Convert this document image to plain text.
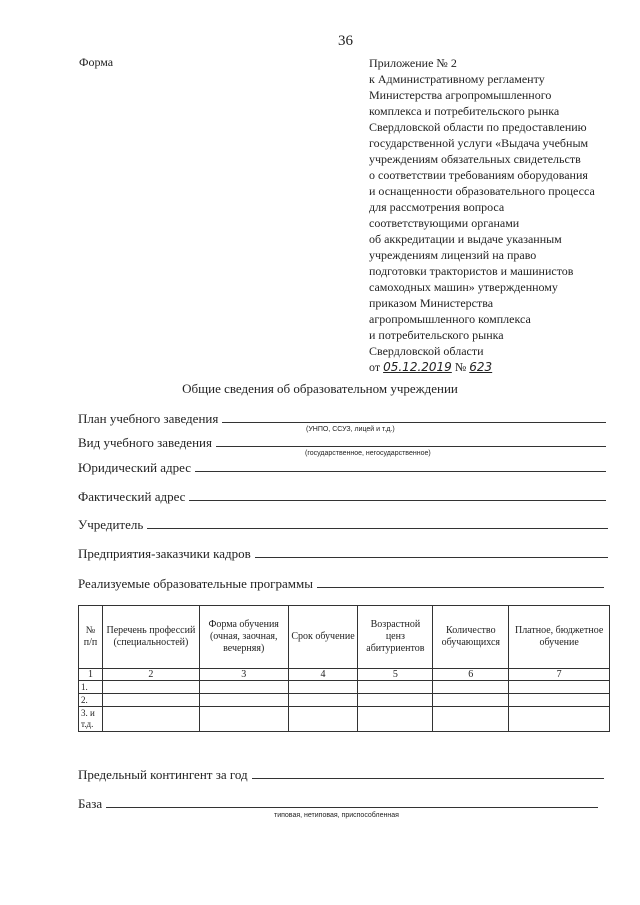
36
Форма	Приложение № 2
к Административному регламенту
Министерства агропромышленного
комплекса и потребительского рынка
Свердловской области по предоставлению
государственной услуги «Выдача учебным
учреждениям обязательных свидетельств
о соответствии требованиям оборудования
и оснащенности образовательного процесса
для рассмотрения вопроса
соответствующими органами
об аккредитации и выдаче указанным
учреждениям лицензий на право
подготовки трактористов и машинистов
самоходных машин» утвержденному
приказом Министерства
агропромышленного комплекса
и потребительского рынка
Свердловской области
от 05.12.2019 № 623
Общие сведения об образовательном учреждении
План учебного заведения
(УНПО, ССУЗ, лицей и т.д.)
Вид учебного заведения
(государственное, негосударственное)
Юридический адрес
Фактический адрес
Учредитель
Предприятия-заказчики кадров
Реализуемые образовательные программы
№ п/п	Перечень профессий (специальностей)	Форма обучения (очная, заочная, вечерняя)	Срок обучение	Возрастной ценз абитуриентов	Количество обучающихся	Платное, бюджетное обучение
1	2	3	4	5	6	7
1.						
2.						
3. и т.д.						
Предельный контингент за год
База
типовая, нетиповая, приспособленная
